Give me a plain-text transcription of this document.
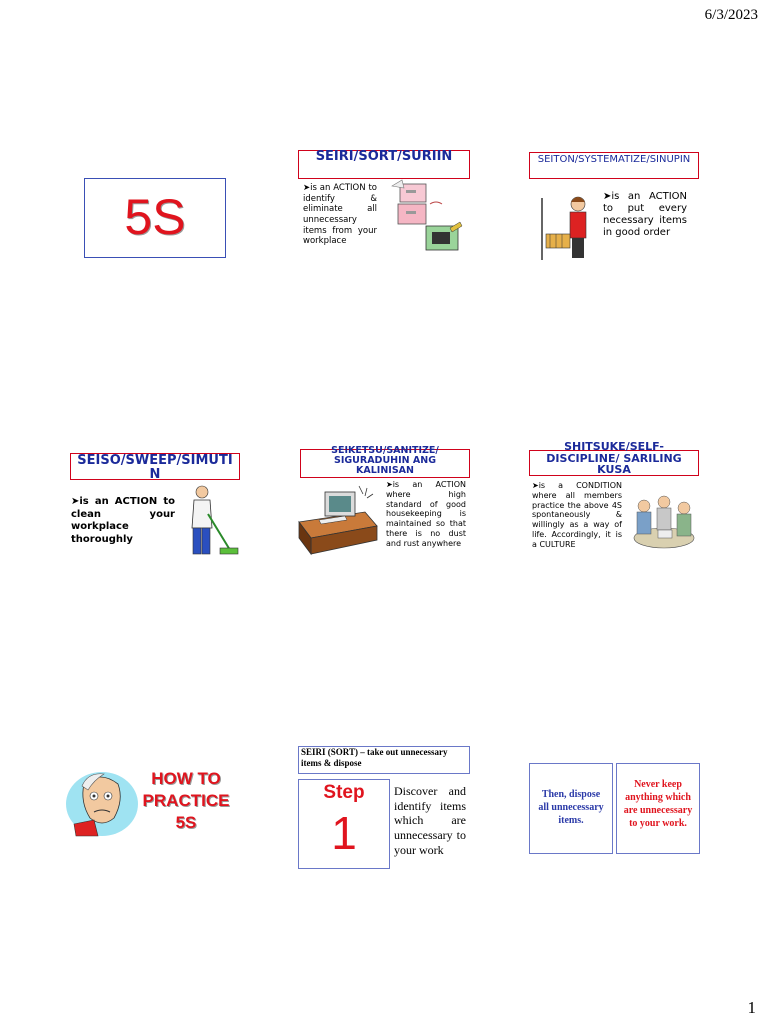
6/3/2023
1
5S
SEIRI/SORT/SURIIN
➤is an ACTION to identify & eliminate all unnecessary items from your workplace
SEITON/SYSTEMATIZE/SINUPIN
➤is an ACTION to put every necessary items in good order
SEISO/SWEEP/SIMUTIN
➤is an ACTION to clean your workplace thoroughly
SEIKETSU/SANITIZE/ SIGURADUHIN ANG KALINISAN
➤is an ACTION where high standard of good housekeeping is maintained so that there is no dust and rust anywhere
SHITSUKE/SELF-DISCIPLINE/ SARILING KUSA
➤is a CONDITION where all members practice the above 4S spontaneously & willingly as a way of life. Accordingly, it is a CULTURE
HOW TO PRACTICE 5S
SEIRI (SORT) – take out unnecessary items & dispose
Step
1
Discover and identify items which are unnecessary to your work
Then, dispose all unnecessary items.
Never keep anything which are unnecessary to your work.
